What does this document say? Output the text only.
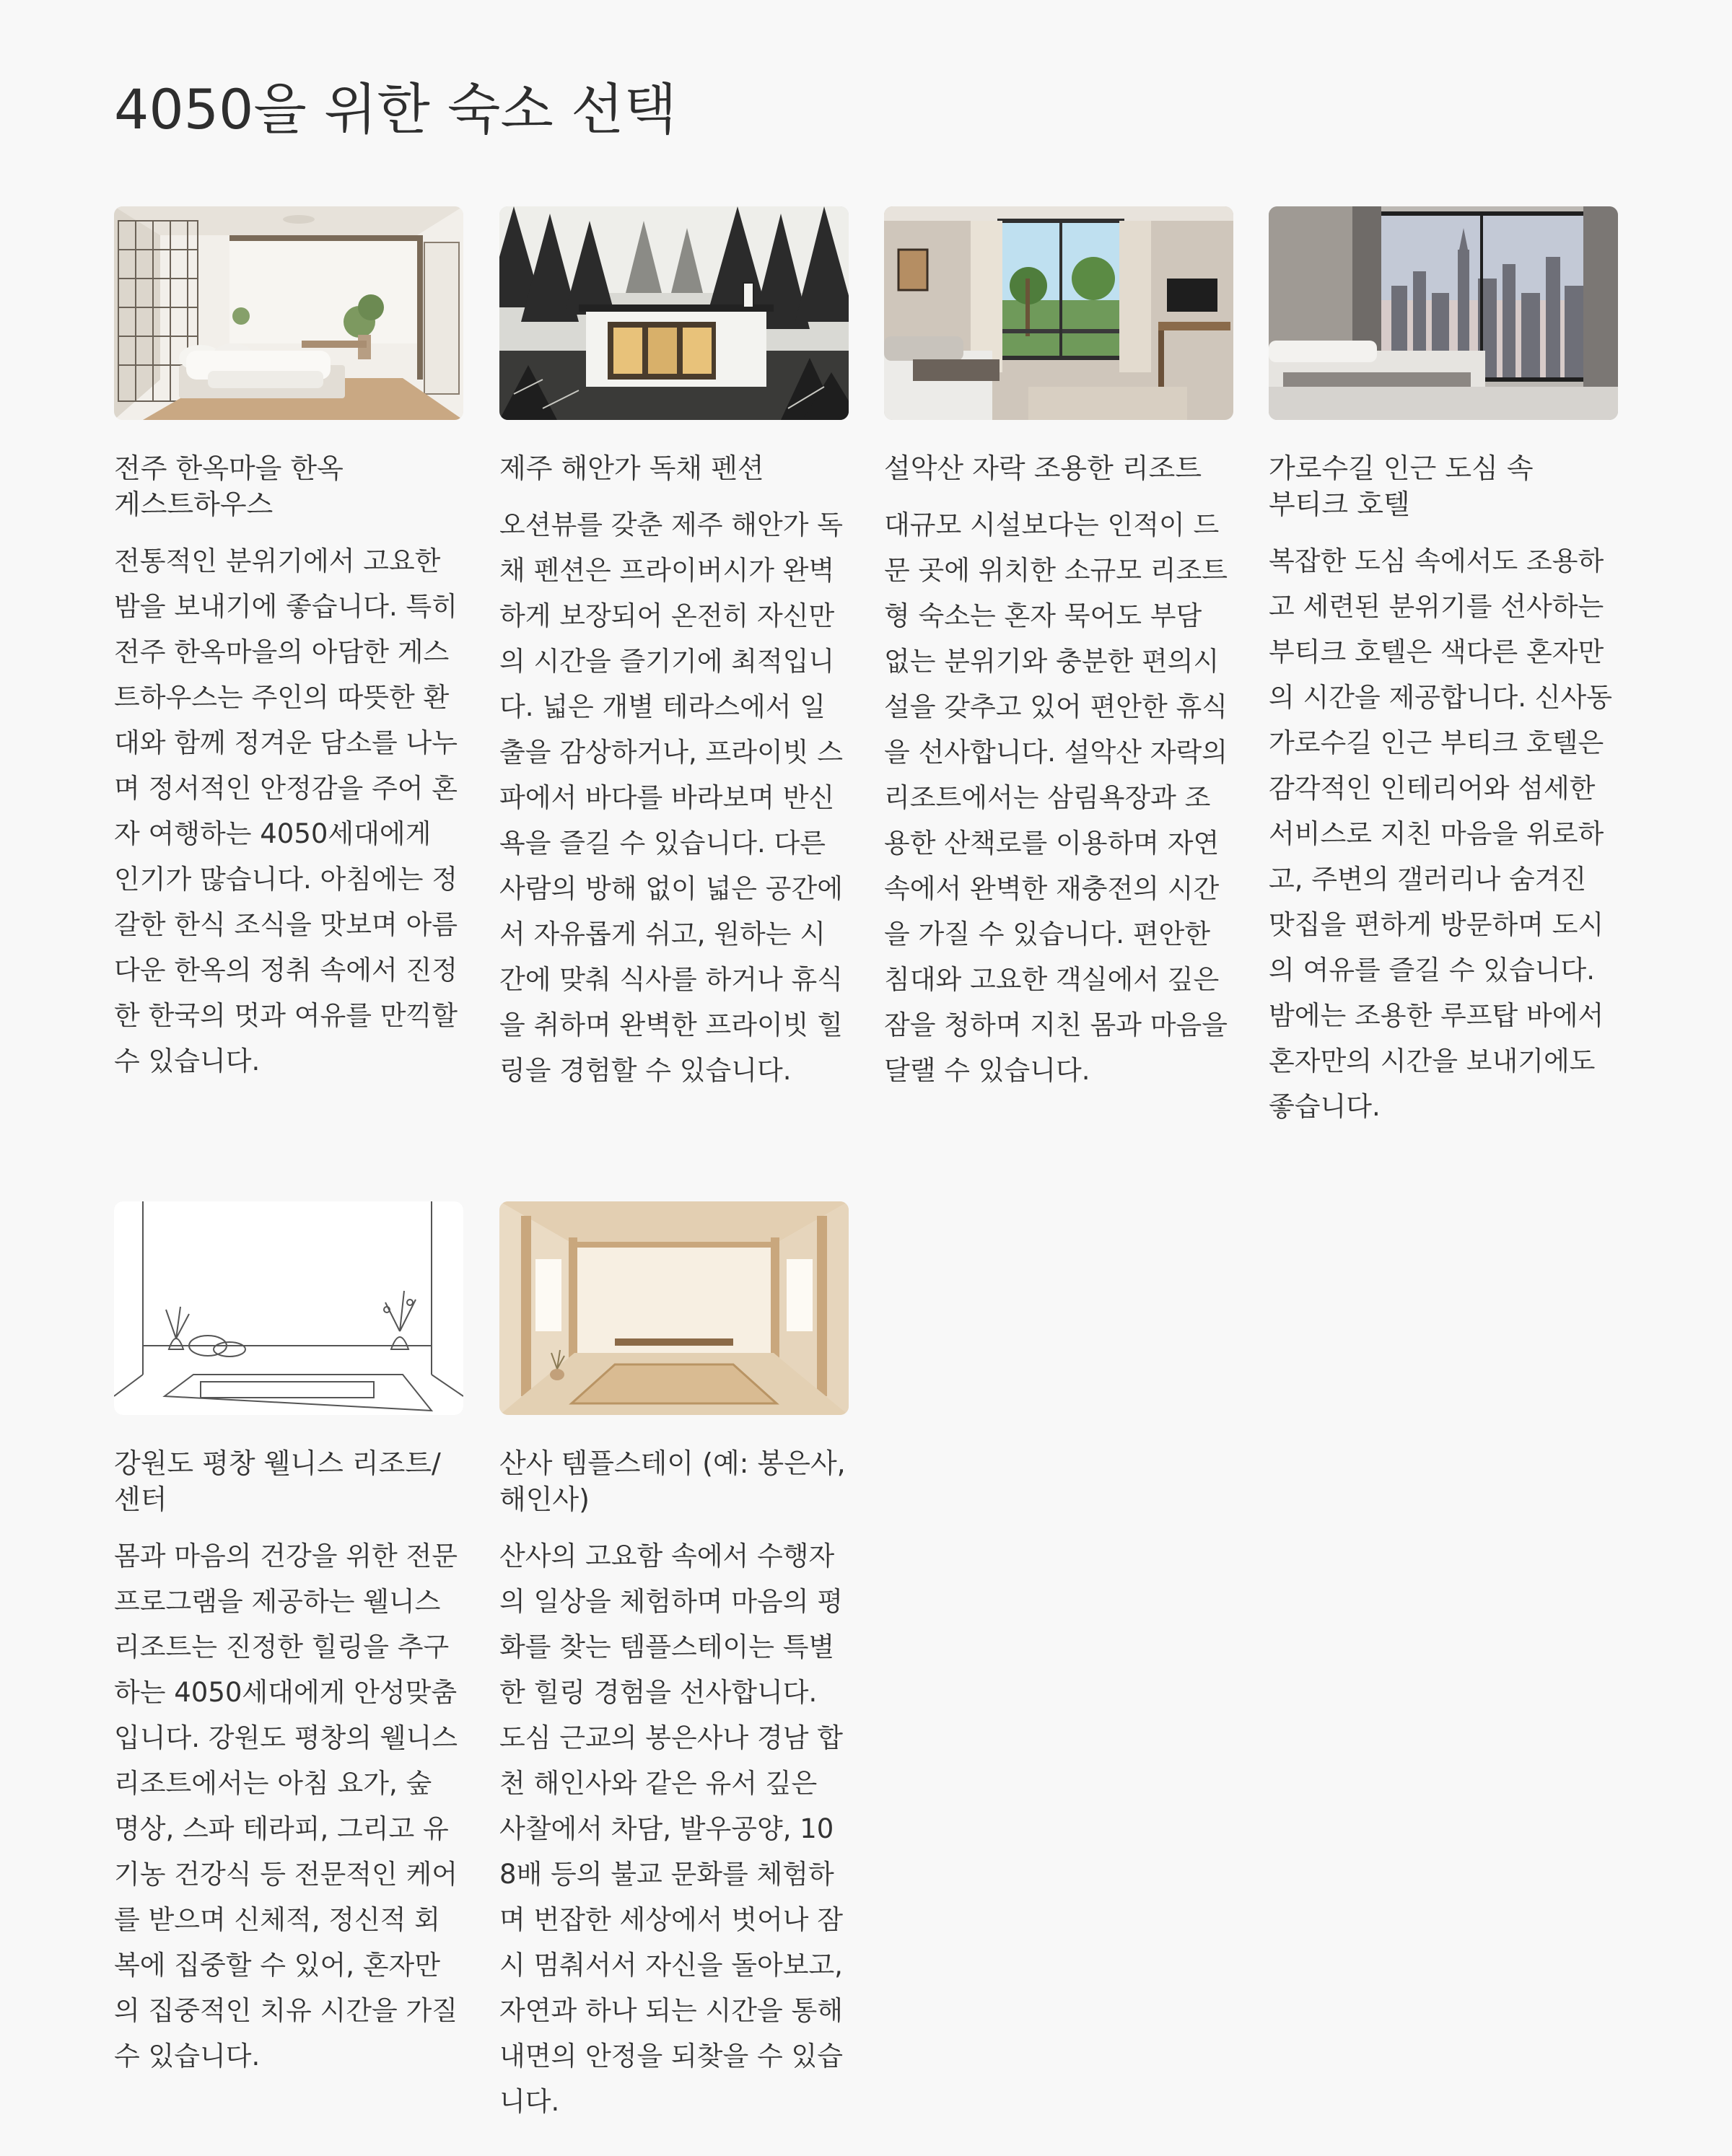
4050을 위한 숙소 선택
전주 한옥마을 한옥 게스트하우스

전통적인 분위기에서 고요한 밤을 보내기에 좋습니다. 특히 전주 한옥마을의 아담한 게스트하우스는 주인의 따뜻한 환대와 함께 정겨운 담소를 나누며 정서적인 안정감을 주어 혼자 여행하는 4050세대에게 인기가 많습니다. 아침에는 정갈한 한식 조식을 맛보며 아름다운 한옥의 정취 속에서 진정한 한국의 멋과 여유를 만끽할 수 있습니다.

제주 해안가 독채 펜션

오션뷰를 갖춘 제주 해안가 독채 펜션은 프라이버시가 완벽하게 보장되어 온전히 자신만의 시간을 즐기기에 최적입니다. 넓은 개별 테라스에서 일출을 감상하거나, 프라이빗 스파에서 바다를 바라보며 반신욕을 즐길 수 있습니다. 다른 사람의 방해 없이 넓은 공간에서 자유롭게 쉬고, 원하는 시간에 맞춰 식사를 하거나 휴식을 취하며 완벽한 프라이빗 힐링을 경험할 수 있습니다.

설악산 자락 조용한 리조트

대규모 시설보다는 인적이 드문 곳에 위치한 소규모 리조트형 숙소는 혼자 묵어도 부담 없는 분위기와 충분한 편의시설을 갖추고 있어 편안한 휴식을 선사합니다. 설악산 자락의 리조트에서는 삼림욕장과 조용한 산책로를 이용하며 자연 속에서 완벽한 재충전의 시간을 가질 수 있습니다. 편안한 침대와 고요한 객실에서 깊은 잠을 청하며 지친 몸과 마음을 달랠 수 있습니다.

가로수길 인근 도심 속 부티크 호텔

복잡한 도심 속에서도 조용하고 세련된 분위기를 선사하는 부티크 호텔은 색다른 혼자만의 시간을 제공합니다. 신사동 가로수길 인근 부티크 호텔은 감각적인 인테리어와 섬세한 서비스로 지친 마음을 위로하고, 주변의 갤러리나 숨겨진 맛집을 편하게 방문하며 도시의 여유를 즐길 수 있습니다. 밤에는 조용한 루프탑 바에서 혼자만의 시간을 보내기에도 좋습니다.

강원도 평창 웰니스 리조트/센터

몸과 마음의 건강을 위한 전문 프로그램을 제공하는 웰니스 리조트는 진정한 힐링을 추구하는 4050세대에게 안성맞춤입니다. 강원도 평창의 웰니스 리조트에서는 아침 요가, 숲 명상, 스파 테라피, 그리고 유기농 건강식 등 전문적인 케어를 받으며 신체적, 정신적 회복에 집중할 수 있어, 혼자만의 집중적인 치유 시간을 가질 수 있습니다.

산사 템플스테이 (예: 봉은사, 해인사)

산사의 고요함 속에서 수행자의 일상을 체험하며 마음의 평화를 찾는 템플스테이는 특별한 힐링 경험을 선사합니다. 도심 근교의 봉은사나 경남 합천 해인사와 같은 유서 깊은 사찰에서 차담, 발우공양, 108배 등의 불교 문화를 체험하며 번잡한 세상에서 벗어나 잠시 멈춰서서 자신을 돌아보고, 자연과 하나 되는 시간을 통해 내면의 안정을 되찾을 수 있습니다.
